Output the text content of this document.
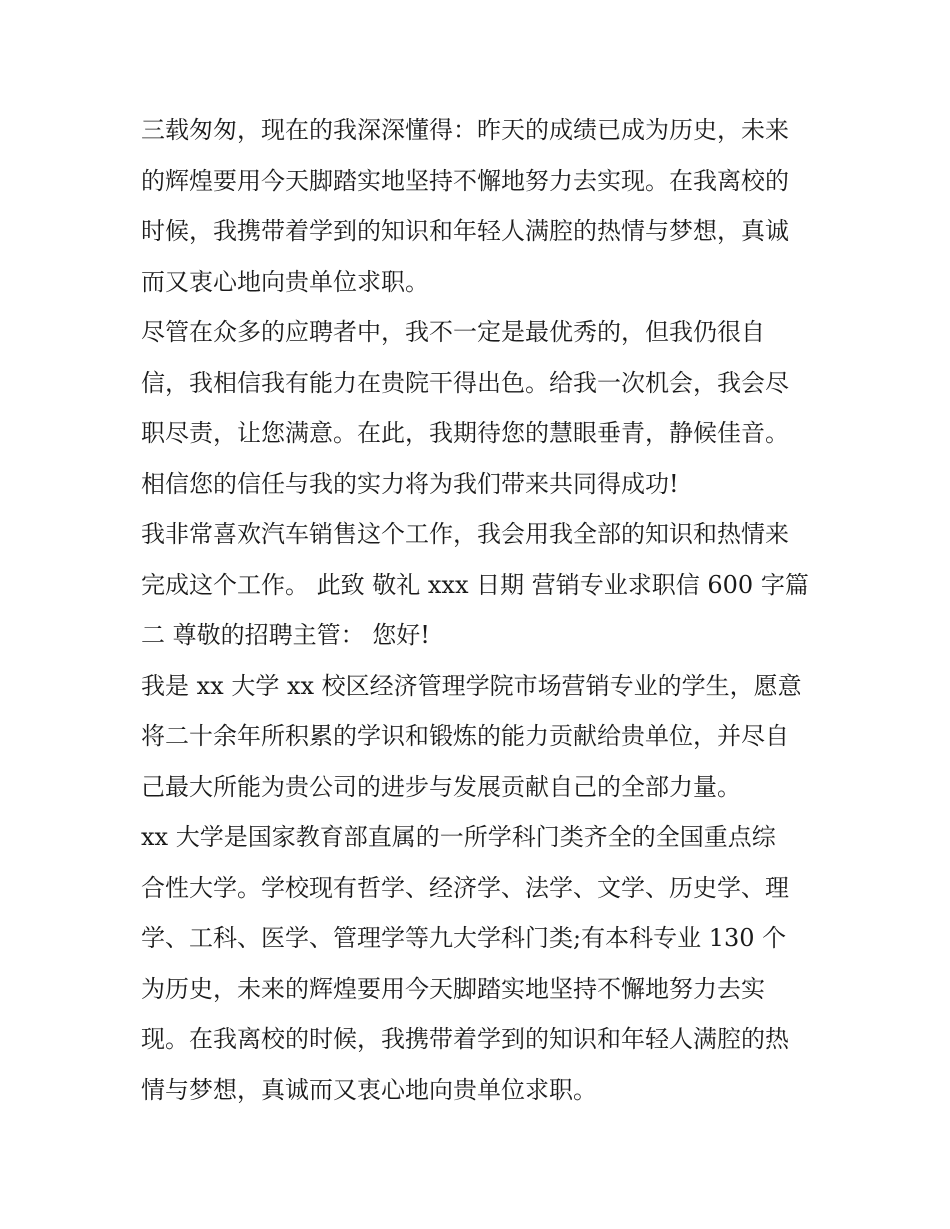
三载匆匆，现在的我深深懂得：昨天的成绩已成为历史，未来
的辉煌要用今天脚踏实地坚持不懈地努力去实现。在我离校的
时候，我携带着学到的知识和年轻人满腔的热情与梦想，真诚
而又衷心地向贵单位求职。
尽管在众多的应聘者中，我不一定是最优秀的，但我仍很自
信，我相信我有能力在贵院干得出色。给我一次机会，我会尽
职尽责，让您满意。在此，我期待您的慧眼垂青，静候佳音。
相信您的信任与我的实力将为我们带来共同得成功!
我非常喜欢汽车销售这个工作，我会用我全部的知识和热情来
完成这个工作。 此致 敬礼 xxx 日期 营销专业求职信 600 字篇
二 尊敬的招聘主管： 您好!
我是 xx 大学 xx 校区经济管理学院市场营销专业的学生，愿意
将二十余年所积累的学识和锻炼的能力贡献给贵单位，并尽自
己最大所能为贵公司的进步与发展贡献自己的全部力量。
xx 大学是国家教育部直属的一所学科门类齐全的全国重点综
合性大学。学校现有哲学、经济学、法学、文学、历史学、理
学、工科、医学、管理学等九大学科门类;有本科专业 130 个
为历史，未来的辉煌要用今天脚踏实地坚持不懈地努力去实
现。在我离校的时候，我携带着学到的知识和年轻人满腔的热
情与梦想，真诚而又衷心地向贵单位求职。
